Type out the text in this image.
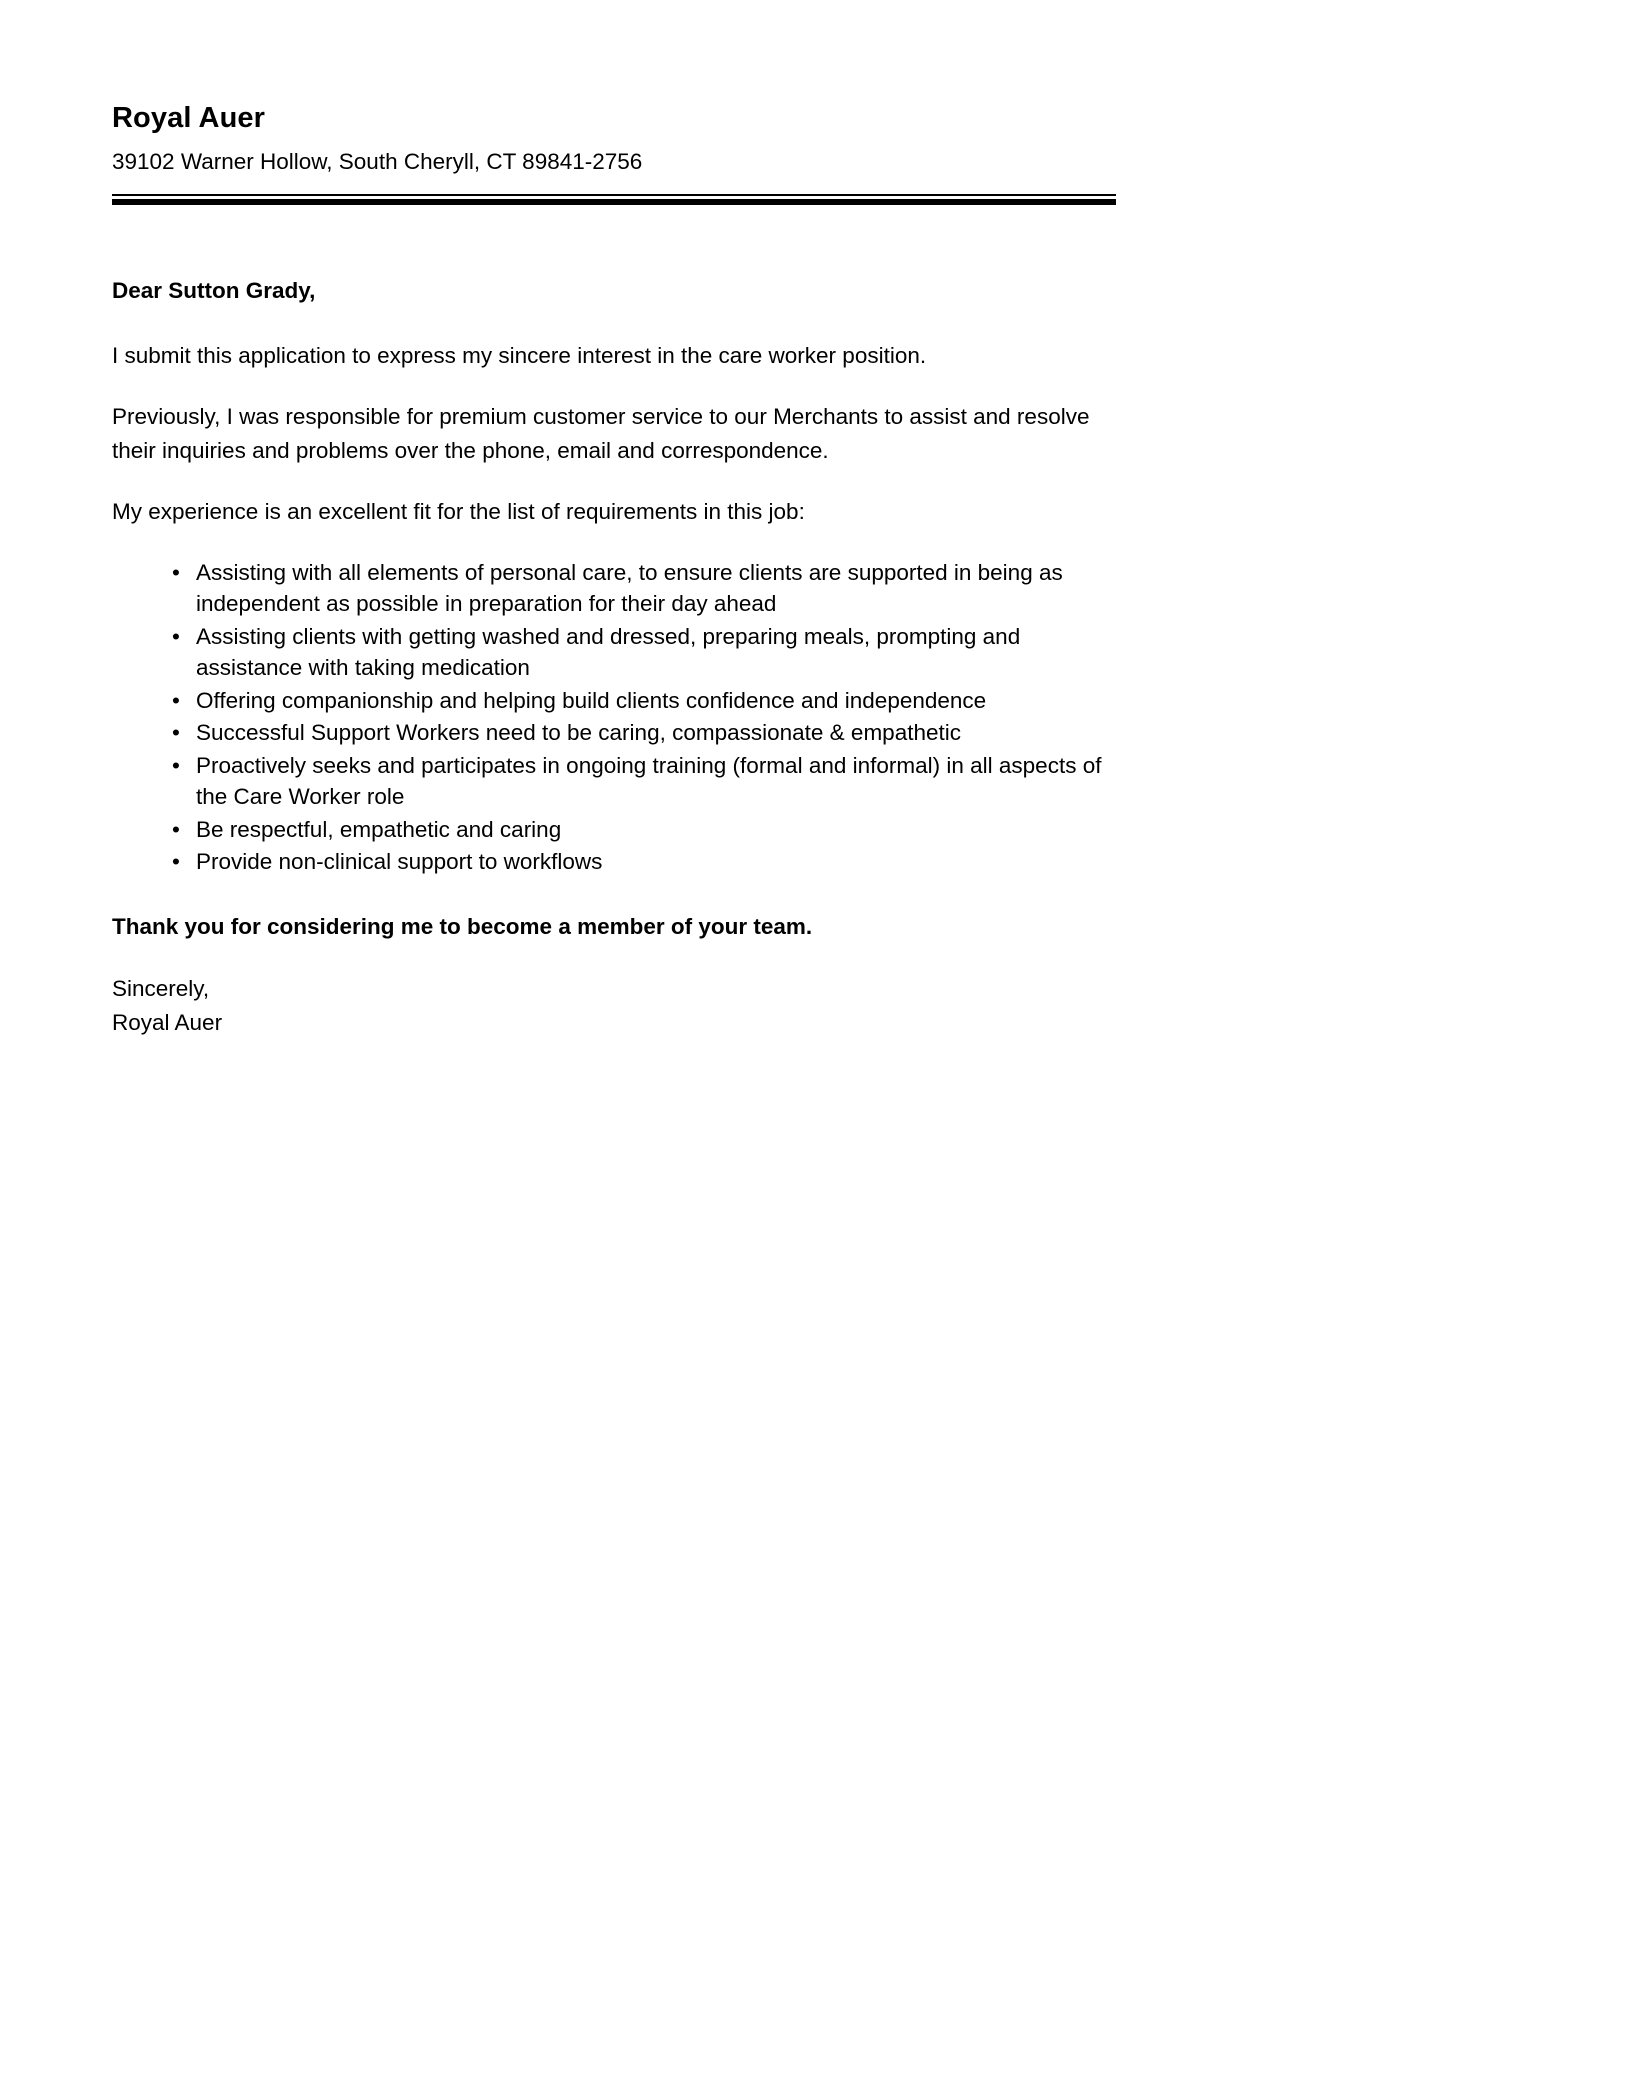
Royal Auer

39102 Warner Hollow, South Cheryll, CT 89841-2756

Dear Sutton Grady,

I submit this application to express my sincere interest in the care worker position.

Previously, I was responsible for premium customer service to our Merchants to assist and resolve their inquiries and problems over the phone, email and correspondence.

My experience is an excellent fit for the list of requirements in this job:

• Assisting with all elements of personal care, to ensure clients are supported in being as independent as possible in preparation for their day ahead
• Assisting clients with getting washed and dressed, preparing meals, prompting and assistance with taking medication
• Offering companionship and helping build clients confidence and independence
• Successful Support Workers need to be caring, compassionate & empathetic
• Proactively seeks and participates in ongoing training (formal and informal) in all aspects of the Care Worker role
• Be respectful, empathetic and caring
• Provide non-clinical support to workflows

Thank you for considering me to become a member of your team.

Sincerely,
Royal Auer
